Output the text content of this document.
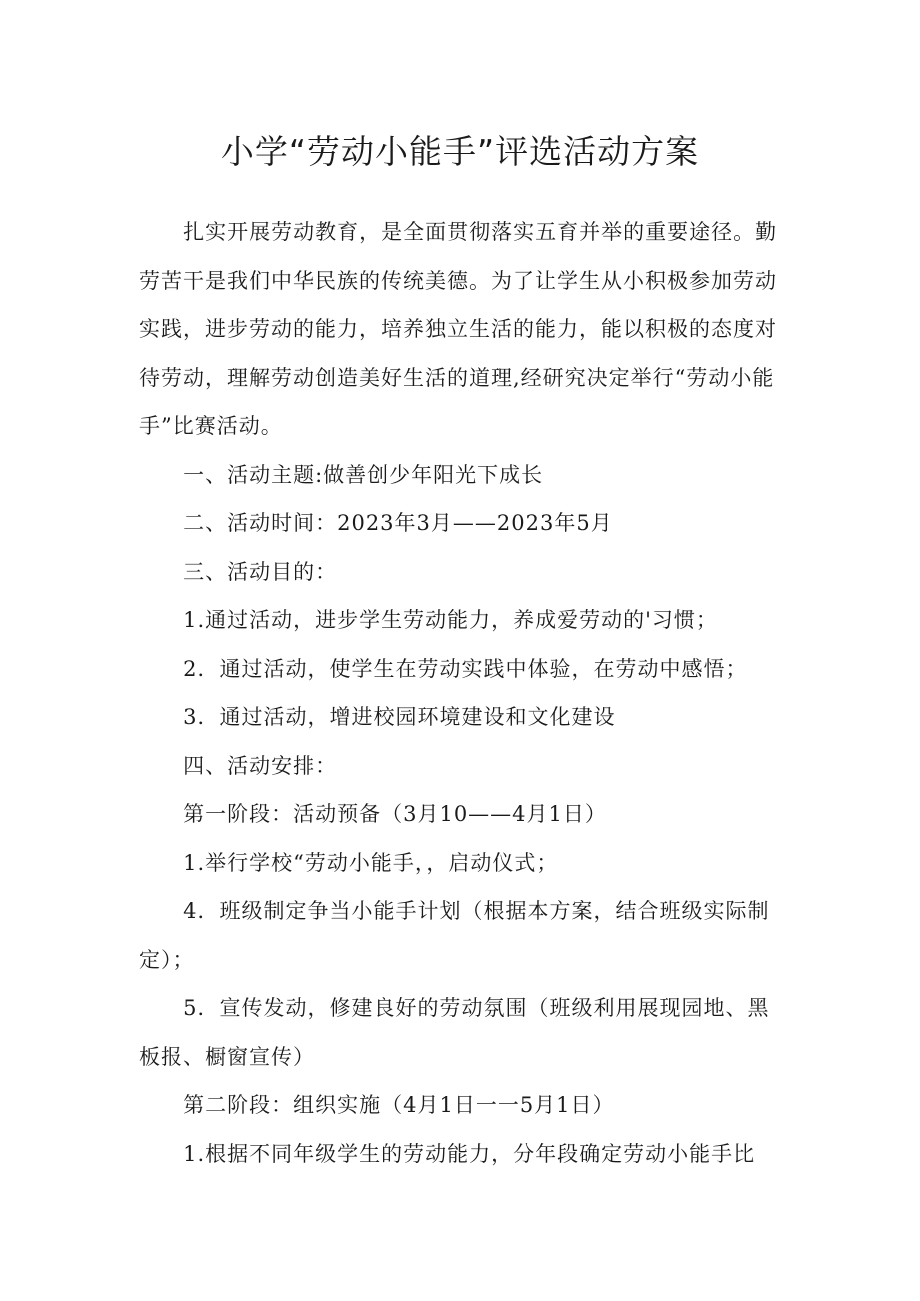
小学“劳动小能手”评选活动方案

扎实开展劳动教育，是全面贯彻落实五育并举的重要途径。勤劳苦干是我们中华民族的传统美德。为了让学生从小积极参加劳动实践，进步劳动的能力，培养独立生活的能力，能以积极的态度对待劳动，理解劳动创造美好生活的道理,经研究决定举行“劳动小能手”比赛活动。

一、活动主题:做善创少年阳光下成长

二、活动时间：2023年3月——2023年5月

三、活动目的：

1.通过活动，进步学生劳动能力，养成爱劳动的'习惯；

2．通过活动，使学生在劳动实践中体验，在劳动中感悟；

3．通过活动，增进校园环境建设和文化建设

四、活动安排：

第一阶段：活动预备（3月10——4月1日）

1.举行学校“劳动小能手，，启动仪式；

4．班级制定争当小能手计划（根据本方案，结合班级实际制定）；

5．宣传发动，修建良好的劳动氛围（班级利用展现园地、黑板报、橱窗宣传）

第二阶段：组织实施（4月1日一一5月1日）

1.根据不同年级学生的劳动能力，分年段确定劳动小能手比
